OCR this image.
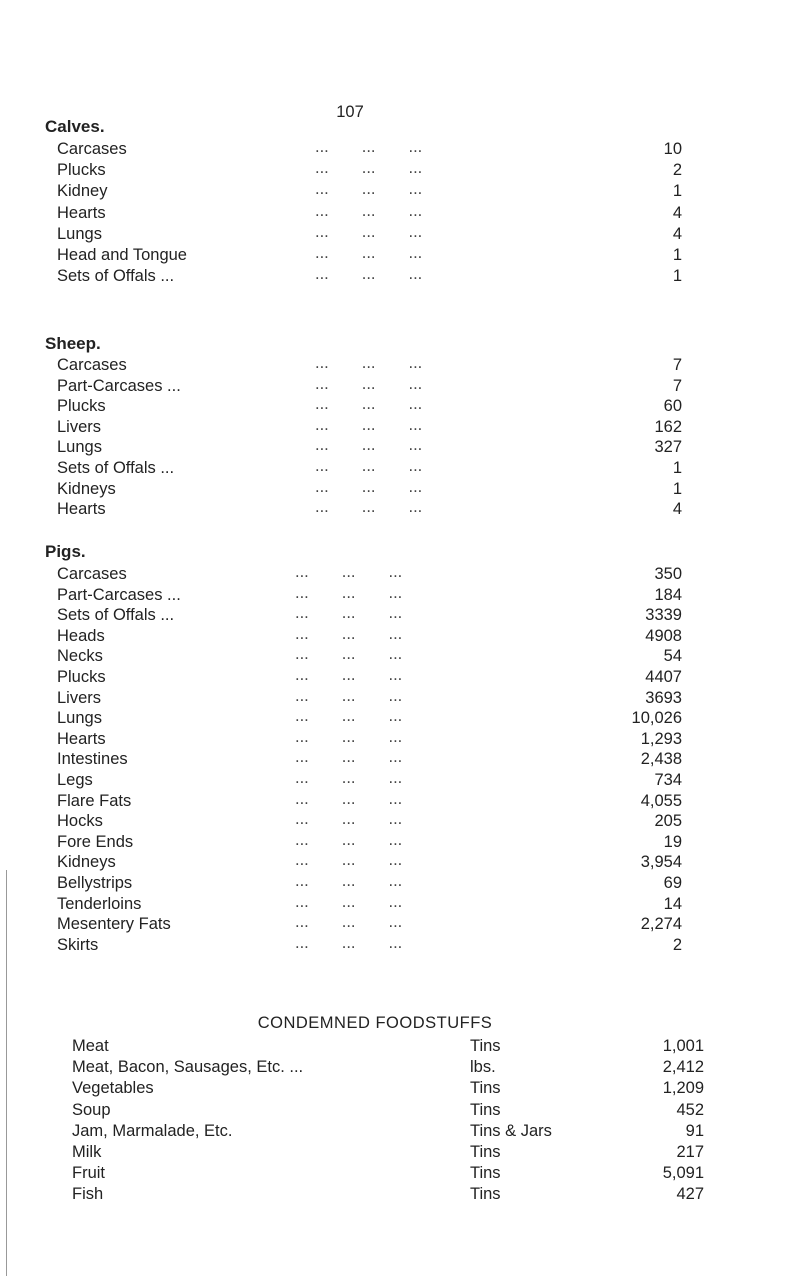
107
Calves.
Carcases	...  ...  ...	10
Plucks	...  ...  ...	2
Kidney	...  ...  ...	1
Hearts	...  ...  ...	4
Lungs	...  ...  ...	4
Head and Tongue	...  ...  ...	1
Sets of Offals ...	...  ...  ...	1
Sheep.
Carcases	...  ...  ...	7
Part-Carcases ...	...  ...  ...	7
Plucks	...  ...  ...	60
Livers	...  ...  ...	162
Lungs	...  ...  ...	327
Sets of Offals ...	...  ...  ...	1
Kidneys	...  ...  ...	1
Hearts	...  ...  ...	4
Pigs.
Carcases	...  ...  ...	350
Part-Carcases ...	...  ...  ...	184
Sets of Offals ...	...  ...  ...	3339
Heads	...  ...  ...	4908
Necks	...  ...  ...	54
Plucks	...  ...  ...	4407
Livers	...  ...  ...	3693
Lungs	...  ...  ...	10,026
Hearts	...  ...  ...	1,293
Intestines	...  ...  ...	2,438
Legs	...  ...  ...	734
Flare Fats	...  ...  ...	4,055
Hocks	...  ...  ...	205
Fore Ends	...  ...  ...	19
Kidneys	...  ...  ...	3,954
Bellystrips	...  ...  ...	69
Tenderloins	...  ...  ...	14
Mesentery Fats	...  ...  ...	2,274
Skirts	...  ...  ...	2
CONDEMNED FOODSTUFFS
Meat	Tins	1,001
Meat, Bacon, Sausages, Etc. ...	lbs.	2,412
Vegetables	Tins	1,209
Soup	Tins	452
Jam, Marmalade, Etc.	Tins & Jars	91
Milk	Tins	217
Fruit	Tins	5,091
Fish	Tins	427
